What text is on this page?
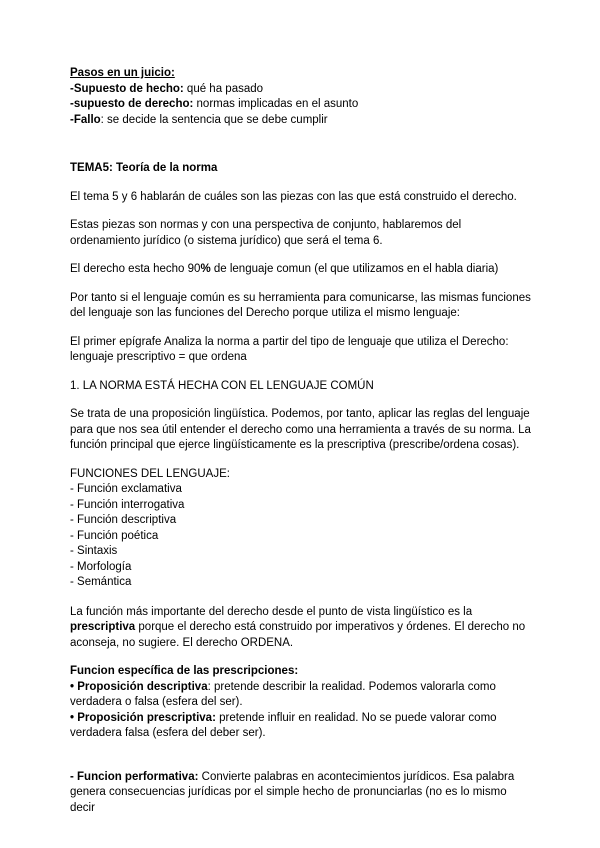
Pasos en un juicio:
-Supuesto de hecho: qué ha pasado
-supuesto de derecho: normas implicadas en el asunto
-Fallo: se decide la sentencia que se debe cumplir
TEMA5: Teoría de la norma
El tema 5 y 6 hablarán de cuáles son las piezas con las que está construido el derecho.
Estas piezas son normas y con una perspectiva de conjunto, hablaremos del ordenamiento jurídico (o sistema jurídico) que será el tema 6.
El derecho esta hecho 90% de lenguaje comun (el que utilizamos en el habla diaria)
Por tanto si el lenguaje común es su herramienta para comunicarse, las mismas funciones del lenguaje son las funciones del Derecho porque utiliza el mismo lenguaje:
El primer epígrafe Analiza la norma a partir del tipo de lenguaje que utiliza el Derecho: lenguaje prescriptivo = que ordena
1. LA NORMA ESTÁ HECHA CON EL LENGUAJE COMÚN
Se trata de una proposición lingüística. Podemos, por tanto, aplicar las reglas del lenguaje para que nos sea útil entender el derecho como una herramienta a través de su norma. La función principal que ejerce lingüísticamente es la prescriptiva (prescribe/ordena cosas).
FUNCIONES DEL LENGUAJE:
- Función exclamativa
- Función interrogativa
- Función descriptiva
- Función poética
- Sintaxis
- Morfología
- Semántica
La función más importante del derecho desde el punto de vista lingüístico es la prescriptiva porque el derecho está construido por imperativos y órdenes. El derecho no aconseja, no sugiere. El derecho ORDENA.
Funcion específica de las prescripciones:
• Proposición descriptiva: pretende describir la realidad. Podemos valorarla como verdadera o falsa (esfera del ser).
• Proposición prescriptiva: pretende influir en realidad. No se puede valorar como verdadera falsa (esfera del deber ser).
- Funcion performativa: Convierte palabras en acontecimientos jurídicos. Esa palabra genera consecuencias jurídicas por el simple hecho de pronunciarlas (no es lo mismo decir
